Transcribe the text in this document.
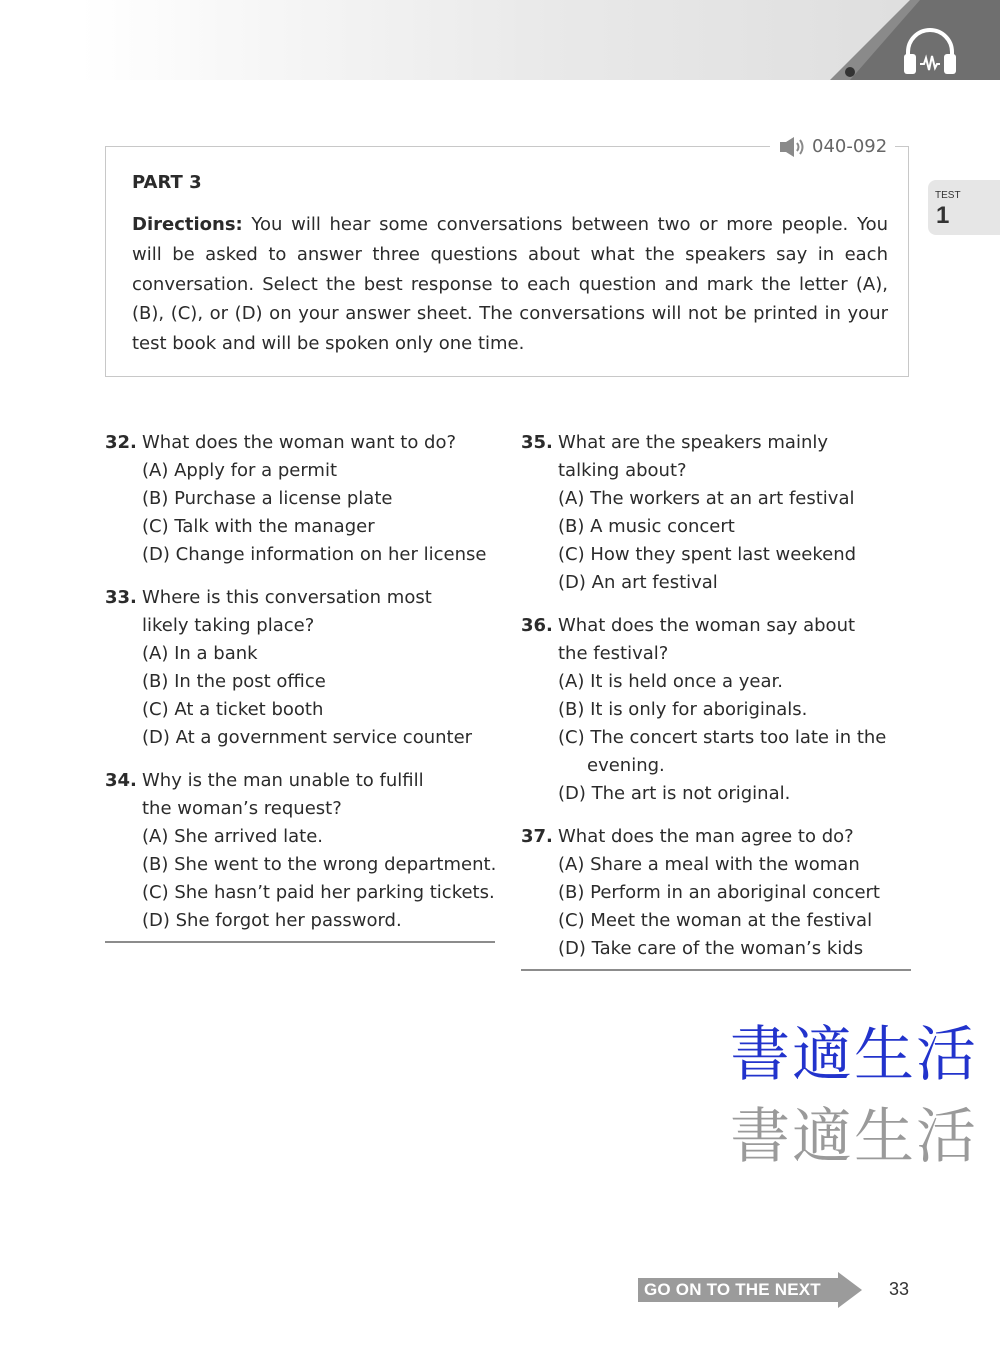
040-092
PART 3
Directions: You will hear some conversations between two or more people. You will be asked to answer three questions about what the speakers say in each conversation. Select the best response to each question and mark the letter (A), (B), (C), or (D) on your answer sheet. The conversations will not be printed in your test book and will be spoken only one time.
TEST
1
32. What does the woman want to do?
(A) Apply for a permit
(B) Purchase a license plate
(C) Talk with the manager
(D) Change information on her license
33. Where is this conversation most likely taking place?
(A) In a bank
(B) In the post office
(C) At a ticket booth
(D) At a government service counter
34. Why is the man unable to fulfill the woman’s request?
(A) She arrived late.
(B) She went to the wrong department.
(C) She hasn’t paid her parking tickets.
(D) She forgot her password.
35. What are the speakers mainly talking about?
(A) The workers at an art festival
(B) A music concert
(C) How they spent last weekend
(D) An art festival
36. What does the woman say about the festival?
(A) It is held once a year.
(B) It is only for aboriginals.
(C) The concert starts too late in the
evening.
(D) The art is not original.
37. What does the man agree to do?
(A) Share a meal with the woman
(B) Perform in an aboriginal concert
(C) Meet the woman at the festival
(D) Take care of the woman’s kids
書適生活
書適生活
GO ON TO THE NEXT PAGE
33
